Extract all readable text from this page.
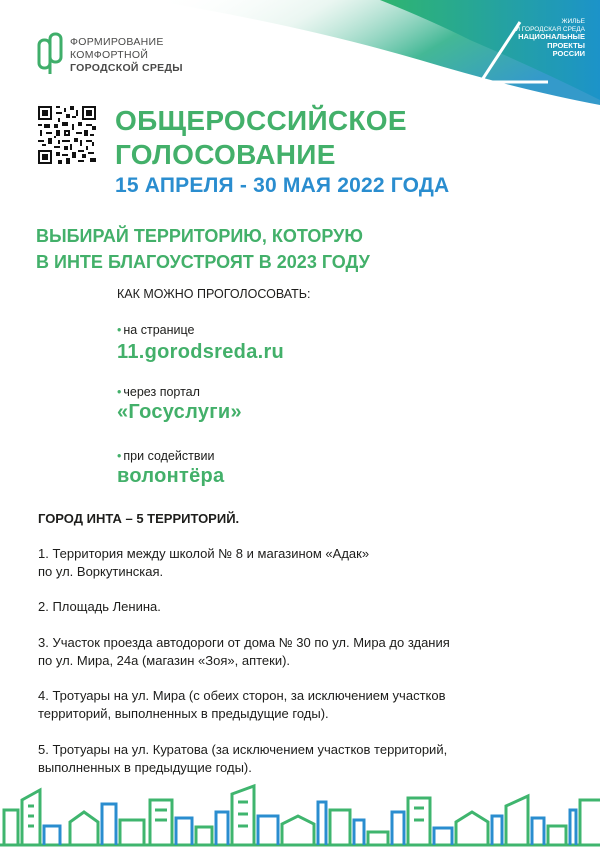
ФОРМИРОВАНИЕ
КОМФОРТНОЙ
ГОРОДСКОЙ СРЕДЫ
ЖИЛЬЕ
И ГОРОДСКАЯ СРЕДА
НАЦИОНАЛЬНЫЕ
ПРОЕКТЫ
РОССИИ
ОБЩЕРОССИЙСКОЕ
ГОЛОСОВАНИЕ
15 АПРЕЛЯ - 30 МАЯ 2022 ГОДА
ВЫБИРАЙ ТЕРРИТОРИЮ, КОТОРУЮ
В ИНТЕ БЛАГОУСТРОЯТ В 2023 ГОДУ
КАК МОЖНО ПРОГОЛОСОВАТЬ:
• на странице
11.gorodsreda.ru
• через портал
«Госуслуги»
• при содействии
волонтёра
ГОРОД ИНТА – 5 ТЕРРИТОРИЙ.
1. Территория между школой № 8 и магазином «Адак»
по ул. Воркутинская.
2. Площадь Ленина.
3. Участок проезда автодороги от дома № 30 по ул. Мира до здания
по ул. Мира, 24а (магазин «Зоя», аптеки).
4. Тротуары на ул. Мира (с обеих сторон, за исключением участков
территорий, выполненных в предыдущие годы).
5. Тротуары на ул. Куратова (за исключением участков территорий,
выполненных в предыдущие годы).
